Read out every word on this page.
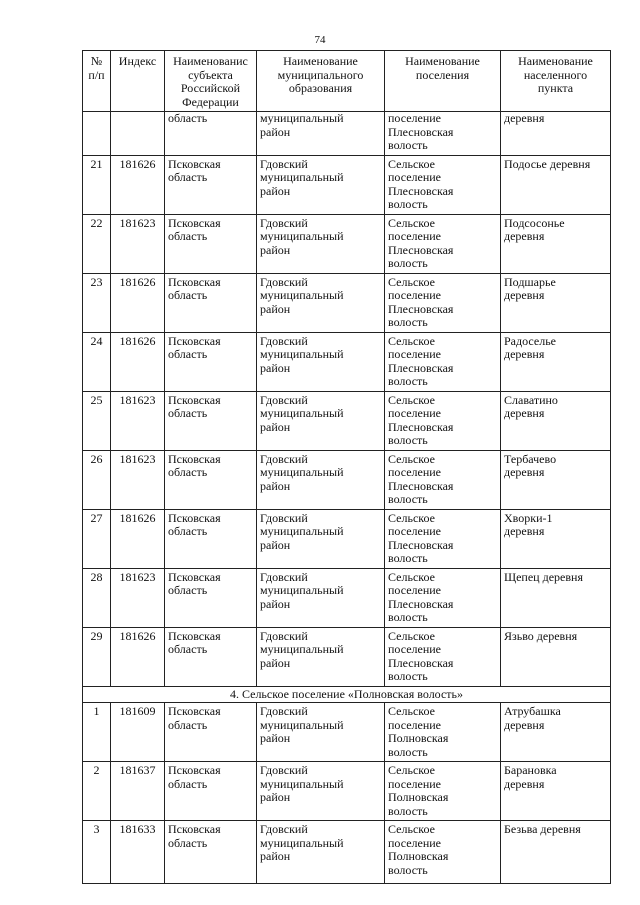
74
№
п/п	Индекс	Наименованис
субъекта
Российской
Федерации	Наименование
муниципального
образования	Наименование
поселения	Наименование
населенного
пункта

		область	муниципальный
район	поселение
Плесновская
волость	деревня

21	181626	Псковская
область	Гдовский
муниципальный
район	Сельское
поселение
Плесновская
волость	Подосье деревня

22	181623	Псковская
область	Гдовский
муниципальный
район	Сельское
поселение
Плесновская
волость	Подсосонье
деревня

23	181626	Псковская
область	Гдовский
муниципальный
район	Сельское
поселение
Плесновская
волость	Подшарье
деревня

24	181626	Псковская
область	Гдовский
муниципальный
район	Сельское
поселение
Плесновская
волость	Радоселье
деревня

25	181623	Псковская
область	Гдовский
муниципальный
район	Сельское
поселение
Плесновская
волость	Славатино
деревня

26	181623	Псковская
область	Гдовский
муниципальный
район	Сельское
поселение
Плесновская
волость	Тербачево
деревня

27	181626	Псковская
область	Гдовский
муниципальный
район	Сельское
поселение
Плесновская
волость	Хворки-1
деревня

28	181623	Псковская
область	Гдовский
муниципальный
район	Сельское
поселение
Плесновская
волость	Щепец деревня

29	181626	Псковская
область	Гдовский
муниципальный
район	Сельское
поселение
Плесновская
волость	Язьво деревня

4. Сельское поселение «Полновская волость»					
1	181609	Псковская
область	Гдовский
муниципальный
район	Сельское
поселение
Полновская
волость	Атрубашка
деревня

2	181637	Псковская
область	Гдовский
муниципальный
район	Сельское
поселение
Полновская
волость	Барановка
деревня

3	181633	Псковская
область	Гдовский
муниципальный
район	Сельское
поселение
Полновская
волость	Безьва деревня
